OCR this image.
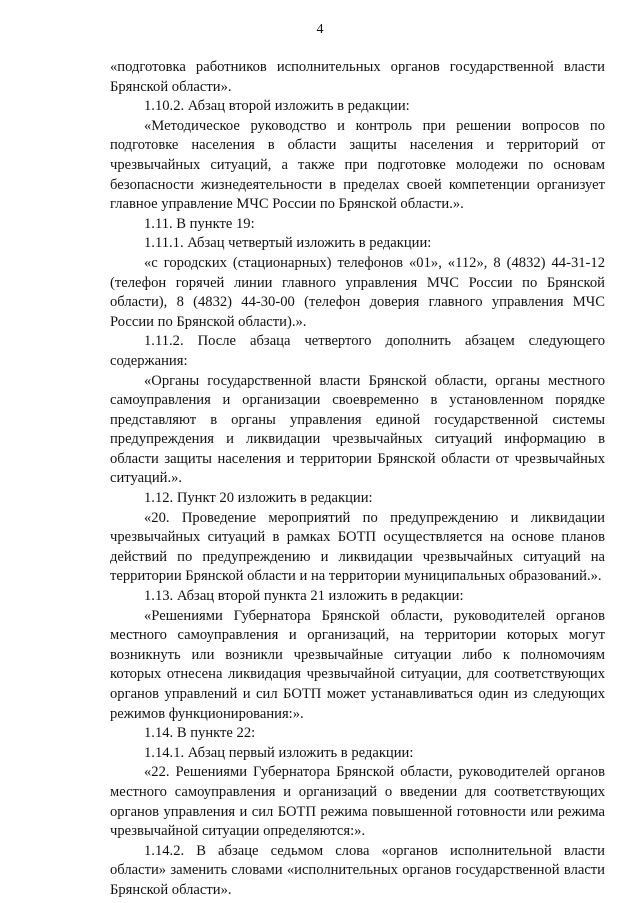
4

«подготовка работников исполнительных органов государственной власти Брянской области».

1.10.2. Абзац второй изложить в редакции:

«Методическое руководство и контроль при решении вопросов по подготовке населения в области защиты населения и территорий от чрезвычайных ситуаций, а также при подготовке молодежи по основам безопасности жизнедеятельности в пределах своей компетенции организует главное управление МЧС России по Брянской области.».

1.11. В пункте 19:

1.11.1. Абзац четвертый изложить в редакции:

«с городских (стационарных) телефонов «01», «112», 8 (4832) 44-31-12 (телефон горячей линии главного управления МЧС России по Брянской области), 8 (4832) 44-30-00 (телефон доверия главного управления МЧС России по Брянской области).».

1.11.2. После абзаца четвертого дополнить абзацем следующего содержания:

«Органы государственной власти Брянской области, органы местного самоуправления и организации своевременно в установленном порядке представляют в органы управления единой государственной системы предупреждения и ликвидации чрезвычайных ситуаций информацию в области защиты населения и территории Брянской области от чрезвычайных ситуаций.».

1.12. Пункт 20 изложить в редакции:

«20. Проведение мероприятий по предупреждению и ликвидации чрезвычайных ситуаций в рамках БОТП осуществляется на основе планов действий по предупреждению и ликвидации чрезвычайных ситуаций на территории Брянской области и на территории муниципальных образований.».

1.13. Абзац второй пункта 21 изложить в редакции:

«Решениями Губернатора Брянской области, руководителей органов местного самоуправления и организаций, на территории которых могут возникнуть или возникли чрезвычайные ситуации либо к полномочиям которых отнесена ликвидация чрезвычайной ситуации, для соответствующих органов управлений и сил БОТП может устанавливаться один из следующих режимов функционирования:».

1.14. В пункте 22:

1.14.1. Абзац первый изложить в редакции:

«22. Решениями Губернатора Брянской области, руководителей органов местного самоуправления и организаций о введении для соответствующих органов управления и сил БОТП режима повышенной готовности или режима чрезвычайной ситуации определяются:».

1.14.2. В абзаце седьмом слова «органов исполнительной власти области» заменить словами «исполнительных органов государственной власти Брянской области».
